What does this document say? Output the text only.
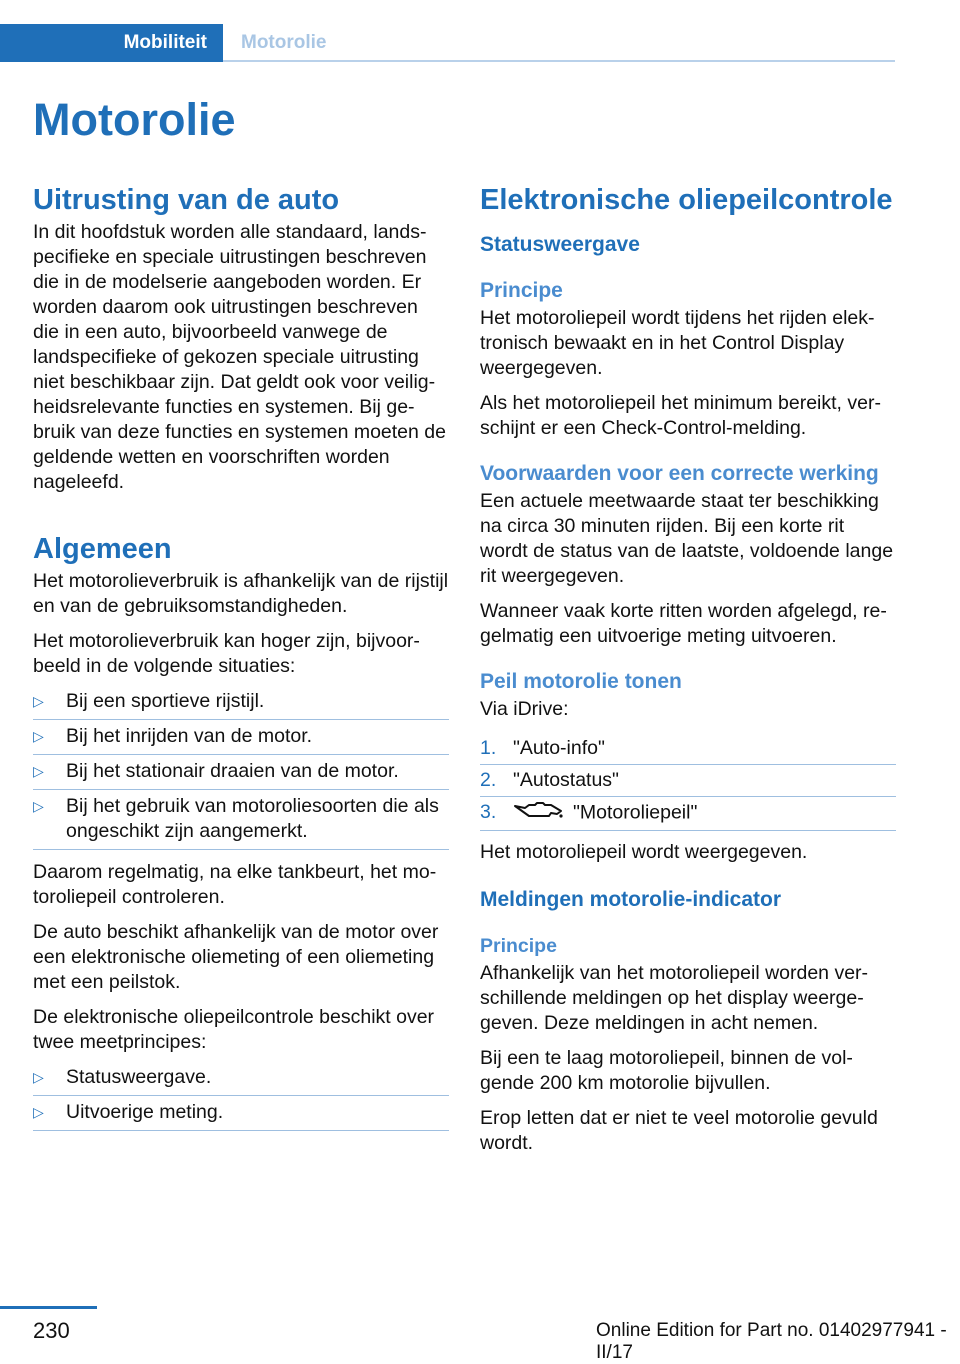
Mobiliteit Motorolie
Motorolie
Uitrusting van de auto

In dit hoofdstuk worden alle standaard, landspecifieke en speciale uitrustingen beschreven die in de modelserie aangeboden worden. Er worden daarom ook uitrustingen beschreven die in een auto, bijvoorbeeld vanwege de landspecifieke of gekozen speciale uitrusting niet beschikbaar zijn. Dat geldt ook voor veiligheidsrelevante functies en systemen. Bij gebruik van deze functies en systemen moeten de geldende wetten en voorschriften worden nageleefd.

Algemeen

Het motorolieverbruik is afhankelijk van de rijstijl en van de gebruiksomstandigheden.

Het motorolieverbruik kan hoger zijn, bijvoorbeeld in de volgende situaties:

▷ Bij een sportieve rijstijl.
▷ Bij het inrijden van de motor.
▷ Bij het stationair draaien van de motor.
▷ Bij het gebruik van motoroliesoorten die als ongeschikt zijn aangemerkt.

Daarom regelmatig, na elke tankbeurt, het motoroliepeil controleren.

De auto beschikt afhankelijk van de motor over een elektronische oliemeting of een oliemeting met een peilstok.

De elektronische oliepeilcontrole beschikt over twee meetprincipes:

▷ Statusweergave.
▷ Uitvoerige meting.
Elektronische oliepeilcontrole
Statusweergave
Principe

Het motoroliepeil wordt tijdens het rijden elektronisch bewaakt en in het Control Display weergegeven.

Als het motoroliepeil het minimum bereikt, verschijnt er een Check-Control-melding.

Voorwaarden voor een correcte werking

Een actuele meetwaarde staat ter beschikking na circa 30 minuten rijden. Bij een korte rit wordt de status van de laatste, voldoende lange rit weergegeven.

Wanneer vaak korte ritten worden afgelegd, regelmatig een uitvoerige meting uitvoeren.

Peil motorolie tonen

Via iDrive:

1. "Auto-info"
2. "Autostatus"
3.	"Motoroliepeil"

Het motoroliepeil wordt weergegeven.

Meldingen motorolie-indicator
Principe

Afhankelijk van het motoroliepeil worden verschillende meldingen op het display weergegeven. Deze meldingen in acht nemen.

Bij een te laag motoroliepeil, binnen de volgende 200 km motorolie bijvullen.

Erop letten dat er niet te veel motorolie gevuld wordt.

230	Online Edition for Part no. 01402977941 - II/17
